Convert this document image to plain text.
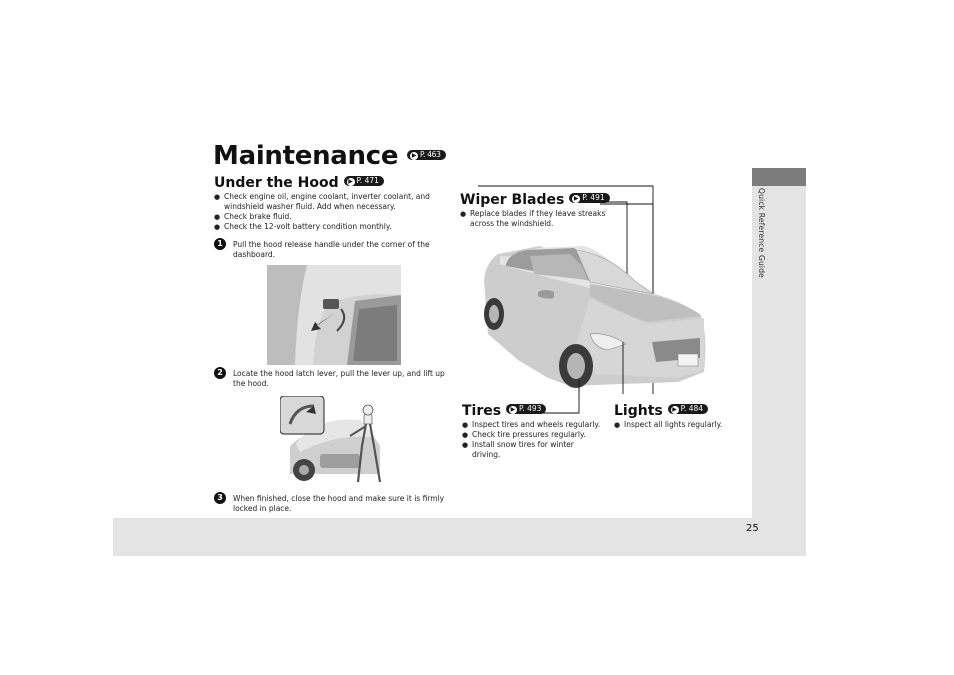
Quick Reference Guide
25
Maintenance ▶ P. 463
Under the Hood ▶ P. 471
● Check engine oil, engine coolant, inverter coolant, and windshield washer fluid. Add when necessary.
● Check brake fluid.
● Check the 12-volt battery condition monthly.
1	Pull the hood release handle under the corner of the dashboard.
2	Locate the hood latch lever, pull the lever up, and lift up the hood.
3	When finished, close the hood and make sure it is firmly locked in place.
Wiper Blades ▶ P. 491
● Replace blades if they leave streaks across the windshield.
Tires ▶ P. 493
● Inspect tires and wheels regularly.
● Check tire pressures regularly.
● Install snow tires for winter driving.
Lights ▶ P. 484
● Inspect all lights regularly.
